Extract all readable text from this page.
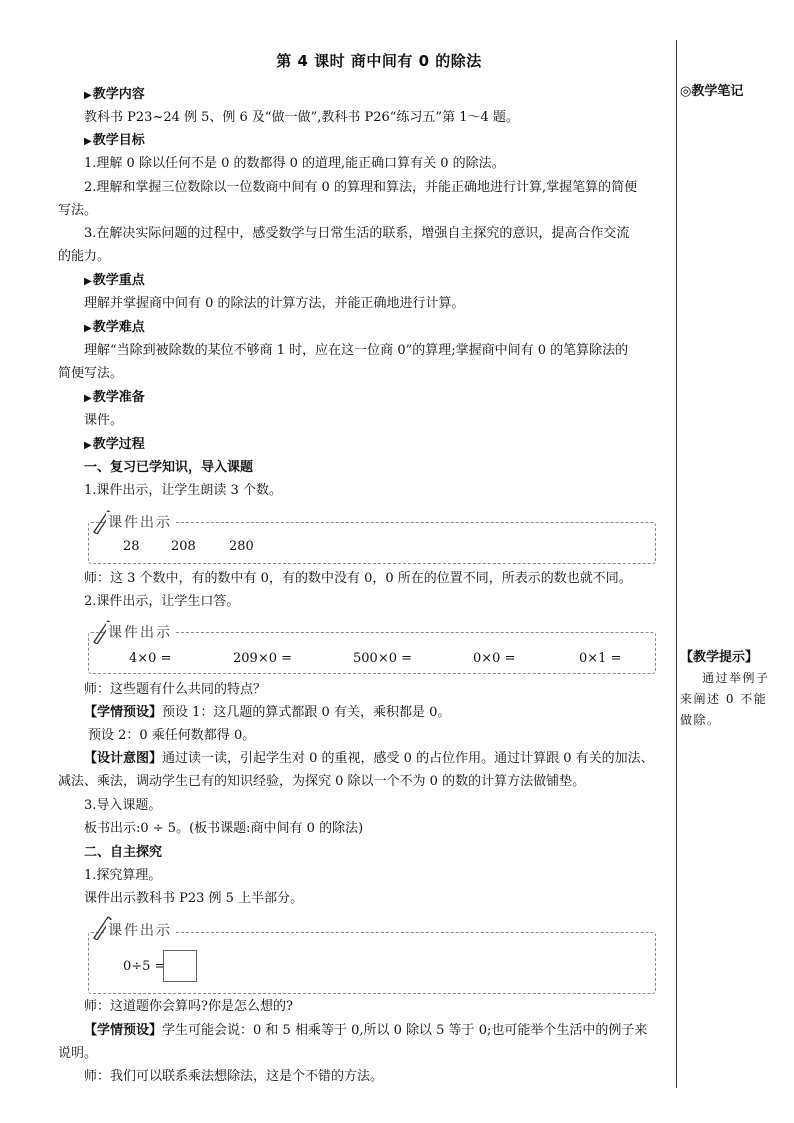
第 4 课时 商中间有 0 的除法
▶教学内容
教科书 P23~24 例 5、例 6 及“做一做”,教科书 P26“练习五”第 1～4 题。
▶教学目标
1.理解 0 除以任何不是 0 的数都得 0 的道理,能正确口算有关 0 的除法。
2.理解和掌握三位数除以一位数商中间有 0 的算理和算法，并能正确地进行计算,掌握笔算的简便
写法。
3.在解决实际问题的过程中，感受数学与日常生活的联系，增强自主探究的意识，提高合作交流
的能力。
▶教学重点
理解并掌握商中间有 0 的除法的计算方法，并能正确地进行计算。
▶教学难点
理解“当除到被除数的某位不够商 1 时，应在这一位商 0”的算理;掌握商中间有 0 的笔算除法的
简便写法。
▶教学准备
课件。
▶教学过程
一、复习已学知识，导入课题
1.课件出示，让学生朗读 3 个数。
28 208	280
课件出示
师：这 3 个数中，有的数中有 0，有的数中没有 0，0 所在的位置不同，所表示的数也就不同。
2.课件出示，让学生口答。
4×0 =	209×0 =	500×0 =	0×0 =	0×1 =
课件出示
师：这些题有什么共同的特点？
【学情预设】预设 1：这几题的算式都跟 0 有关，乘积都是 0。
预设 2：0 乘任何数都得 0。
【设计意图】通过读一读，引起学生对 0 的重视，感受 0 的占位作用。通过计算跟 0 有关的加法、
减法、乘法，调动学生已有的知识经验，为探究 0 除以一个不为 0 的数的计算方法做铺垫。
3.导入课题。
板书出示:0 ÷ 5。(板书课题:商中间有 0 的除法)
二、自主探究
1.探究算理。
课件出示教科书 P23 例 5 上半部分。
0÷5 =
课件出示
师：这道题你会算吗?你是怎么想的?
【学情预设】学生可能会说：0 和 5 相乘等于 0,所以 0 除以 5 等于 0;也可能举个生活中的例子来
说明。
师：我们可以联系乘法想除法，这是个不错的方法。
◎教学笔记
【教学提示】
通过举例子来阐述 0 不能做除。
